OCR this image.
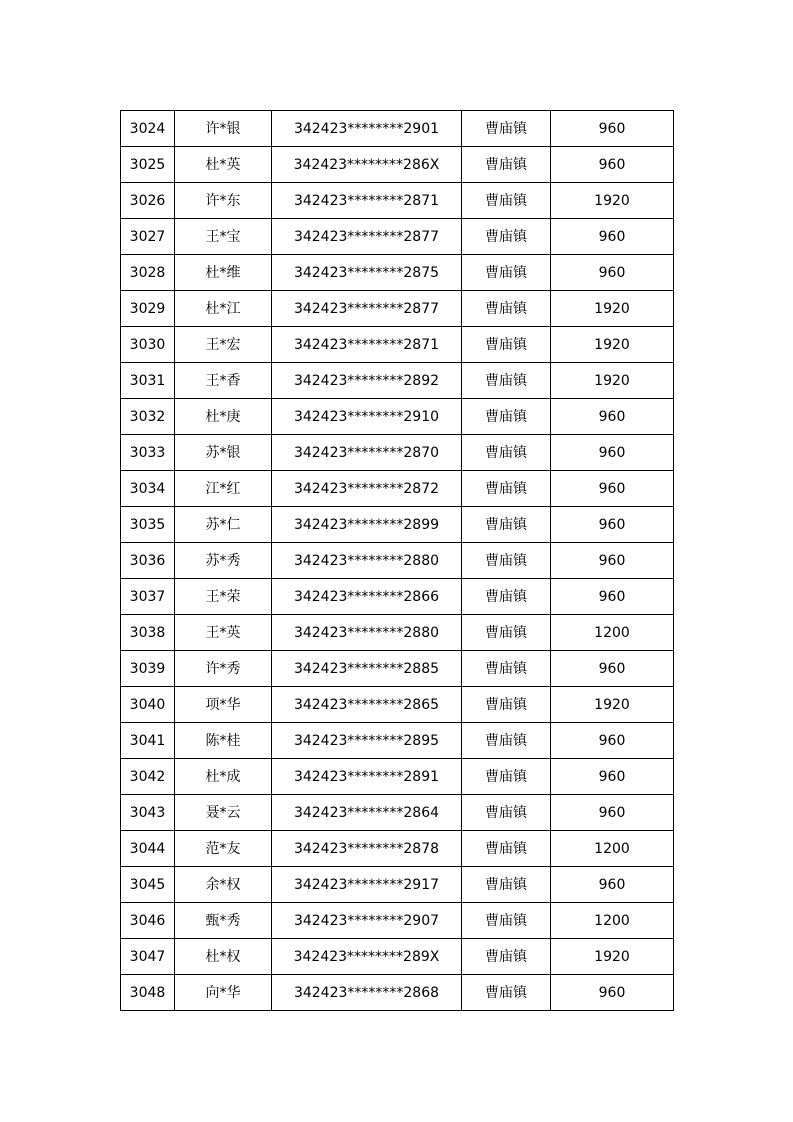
3024	许*银	342423********2901	曹庙镇	960
3025	杜*英	342423********286X	曹庙镇	960
3026	许*东	342423********2871	曹庙镇	1920
3027	王*宝	342423********2877	曹庙镇	960
3028	杜*维	342423********2875	曹庙镇	960
3029	杜*江	342423********2877	曹庙镇	1920
3030	王*宏	342423********2871	曹庙镇	1920
3031	王*香	342423********2892	曹庙镇	1920
3032	杜*庚	342423********2910	曹庙镇	960
3033	苏*银	342423********2870	曹庙镇	960
3034	江*红	342423********2872	曹庙镇	960
3035	苏*仁	342423********2899	曹庙镇	960
3036	苏*秀	342423********2880	曹庙镇	960
3037	王*荣	342423********2866	曹庙镇	960
3038	王*英	342423********2880	曹庙镇	1200
3039	许*秀	342423********2885	曹庙镇	960
3040	项*华	342423********2865	曹庙镇	1920
3041	陈*桂	342423********2895	曹庙镇	960
3042	杜*成	342423********2891	曹庙镇	960
3043	聂*云	342423********2864	曹庙镇	960
3044	范*友	342423********2878	曹庙镇	1200
3045	余*权	342423********2917	曹庙镇	960
3046	甄*秀	342423********2907	曹庙镇	1200
3047	杜*权	342423********289X	曹庙镇	1920
3048	向*华	342423********2868	曹庙镇	960
